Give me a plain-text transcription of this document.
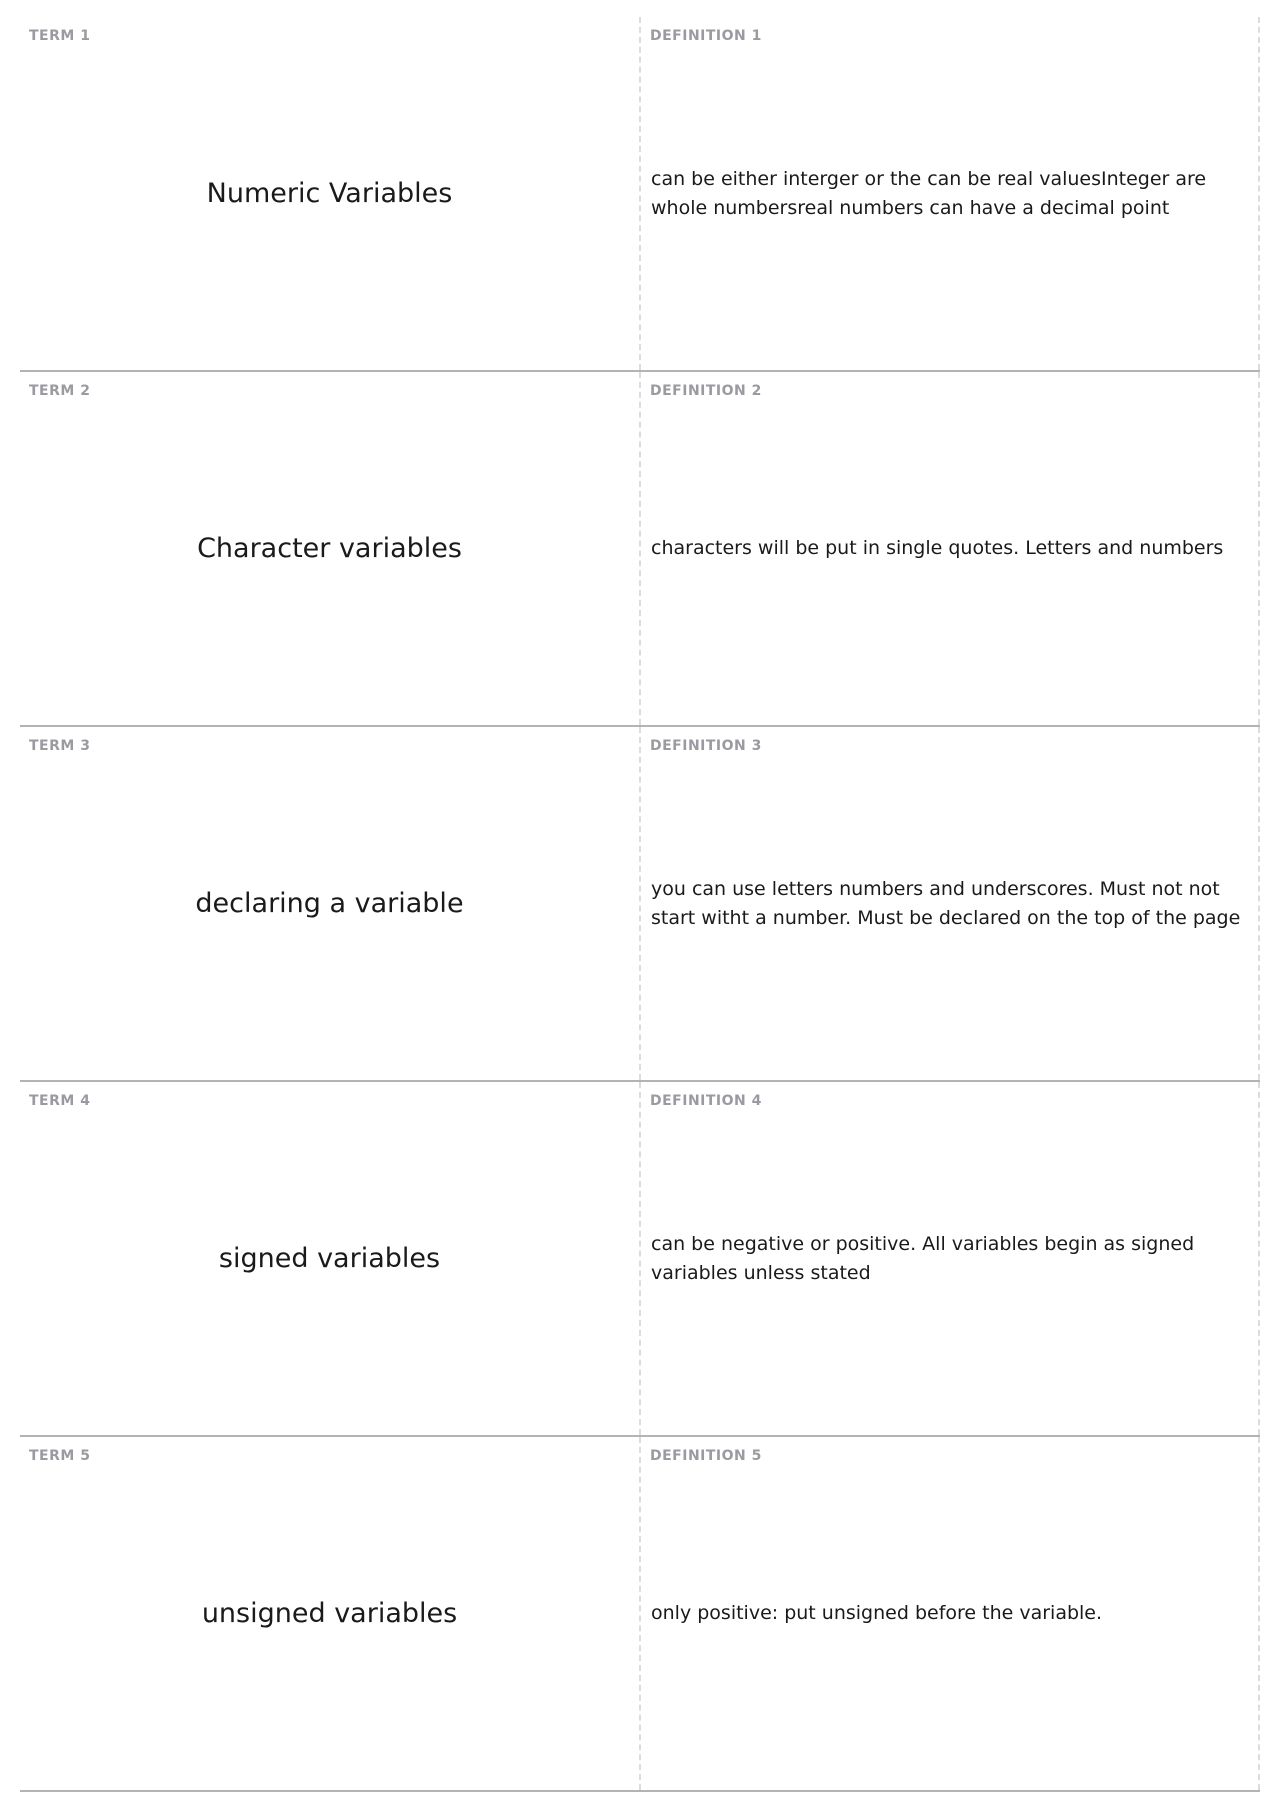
TERM 1
Numeric Variables
DEFINITION 1
can be either interger or the can be real valuesInteger are whole numbersreal numbers can have a decimal point
TERM 2
Character variables
DEFINITION 2
characters will be put in single quotes. Letters and numbers
TERM 3
declaring a variable
DEFINITION 3
you can use letters numbers and underscores. Must not not start witht a number. Must be declared on the top of the page
TERM 4
signed variables
DEFINITION 4
can be negative or positive. All variables begin as signed variables unless stated
TERM 5
unsigned variables
DEFINITION 5
only positive: put unsigned before the variable.
